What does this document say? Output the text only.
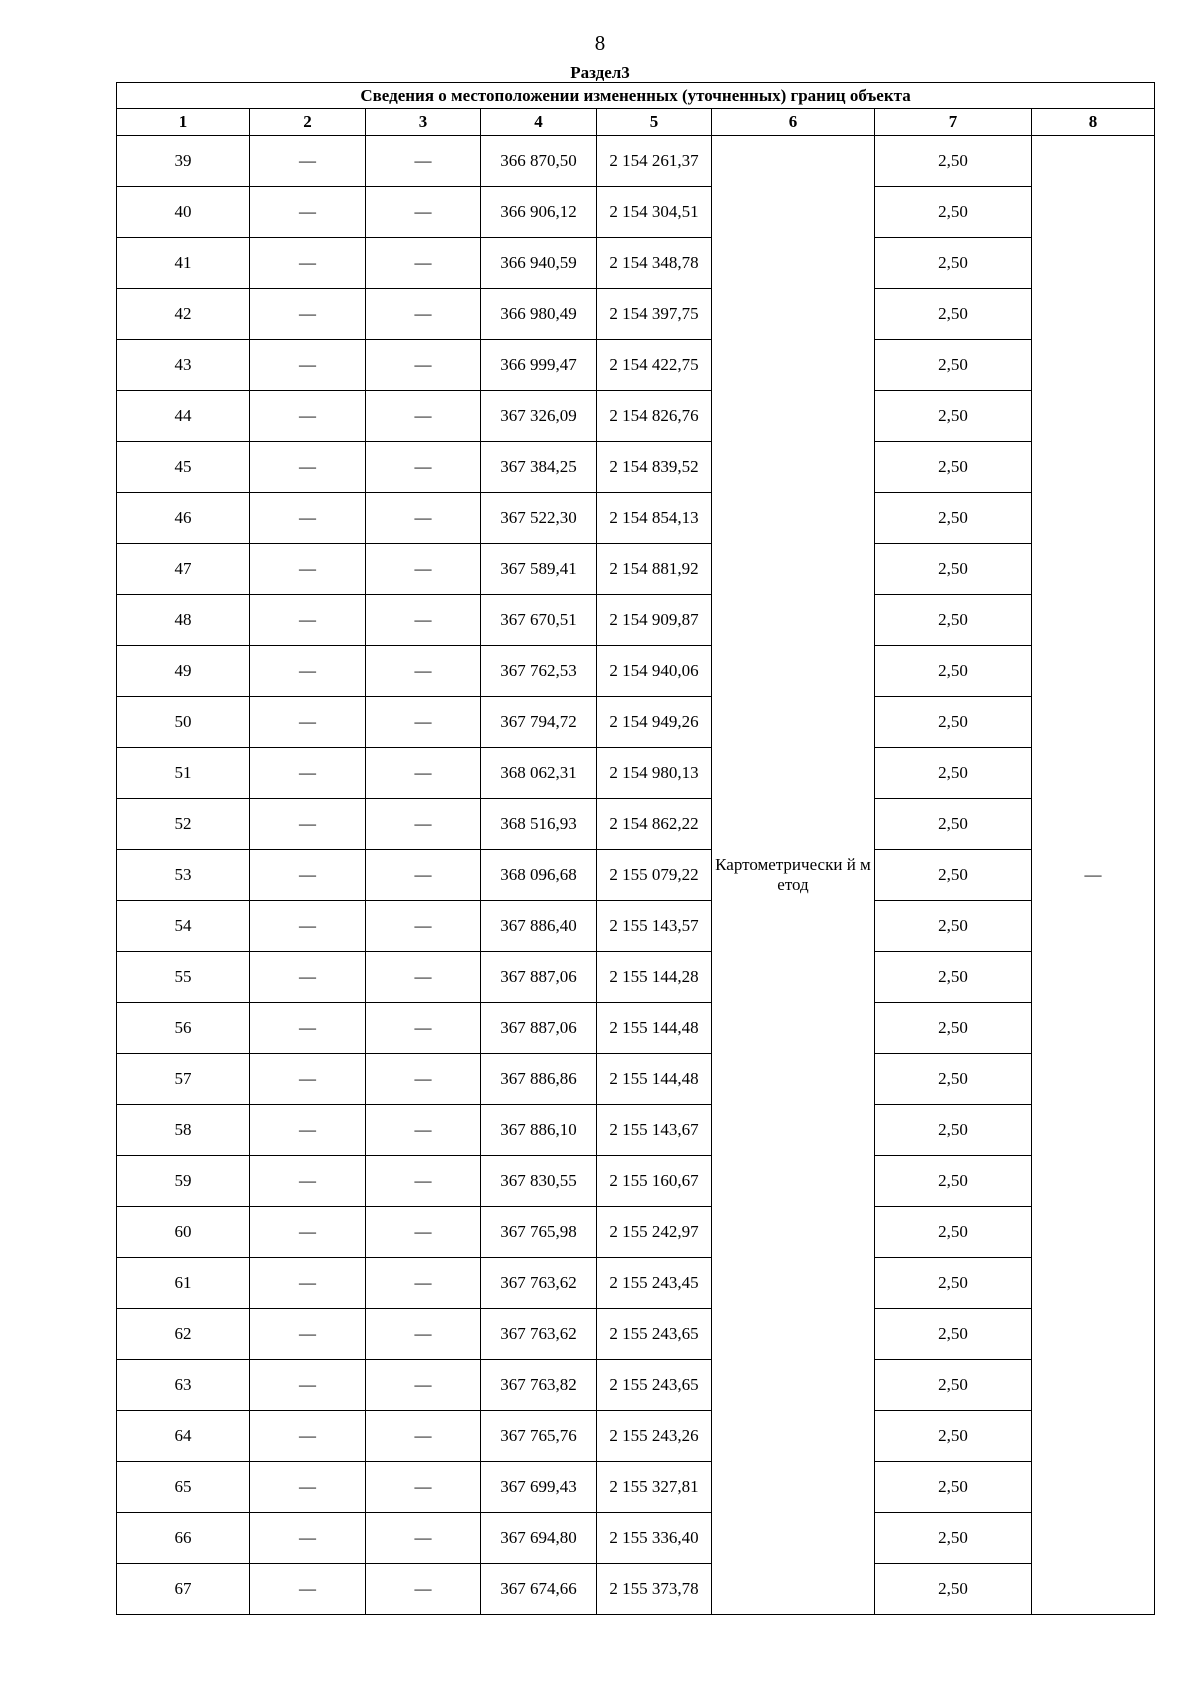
8
Раздел3
Сведения о местоположении измененных (уточненных) границ объекта							
1	2	3	4	5	6	7	8
39	—	—	366 870,50	2 154 261,37	Картометрически й метод	2,50	—
40	—	—	366 906,12	2 154 304,51		2,50	
41	—	—	366 940,59	2 154 348,78		2,50	
42	—	—	366 980,49	2 154 397,75		2,50	
43	—	—	366 999,47	2 154 422,75		2,50	
44	—	—	367 326,09	2 154 826,76		2,50	
45	—	—	367 384,25	2 154 839,52		2,50	
46	—	—	367 522,30	2 154 854,13		2,50	
47	—	—	367 589,41	2 154 881,92		2,50	
48	—	—	367 670,51	2 154 909,87		2,50	
49	—	—	367 762,53	2 154 940,06		2,50	
50	—	—	367 794,72	2 154 949,26		2,50	
51	—	—	368 062,31	2 154 980,13		2,50	
52	—	—	368 516,93	2 154 862,22		2,50	
53	—	—	368 096,68	2 155 079,22		2,50	
54	—	—	367 886,40	2 155 143,57		2,50	
55	—	—	367 887,06	2 155 144,28		2,50	
56	—	—	367 887,06	2 155 144,48		2,50	
57	—	—	367 886,86	2 155 144,48		2,50	
58	—	—	367 886,10	2 155 143,67		2,50	
59	—	—	367 830,55	2 155 160,67		2,50	
60	—	—	367 765,98	2 155 242,97		2,50	
61	—	—	367 763,62	2 155 243,45		2,50	
62	—	—	367 763,62	2 155 243,65		2,50	
63	—	—	367 763,82	2 155 243,65		2,50	
64	—	—	367 765,76	2 155 243,26		2,50	
65	—	—	367 699,43	2 155 327,81		2,50	
66	—	—	367 694,80	2 155 336,40		2,50	
67	—	—	367 674,66	2 155 373,78		2,50	
